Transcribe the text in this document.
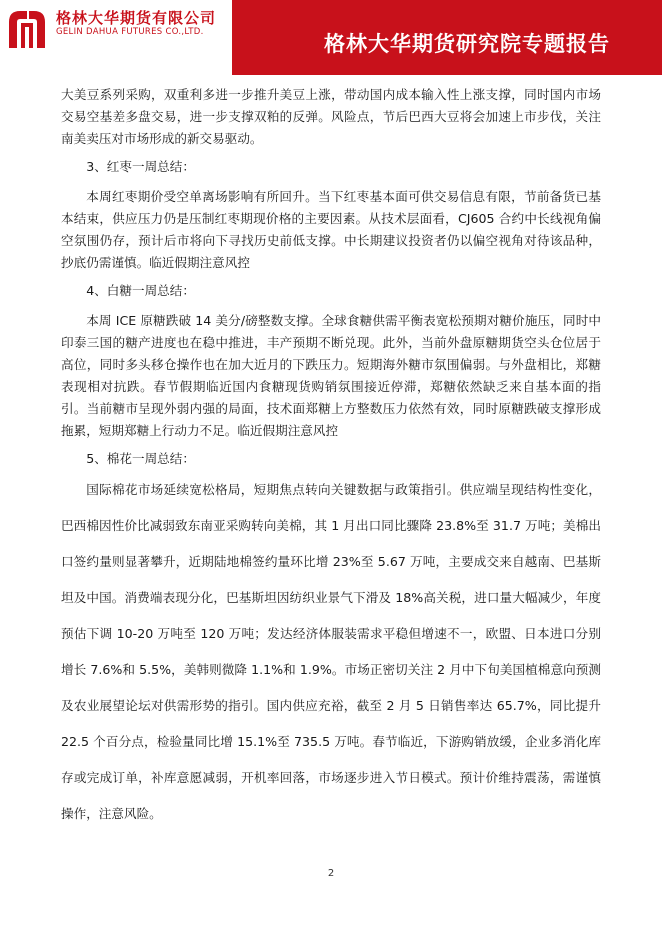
格林大华期货有限公司
GELIN DAHUA FUTURES CO.,LTD.
期货研究院
格林大华期货研究院专题报告

大美豆系列采购，双重利多进一步推升美豆上涨，带动国内成本输入性上涨支撑，同时国内市场交易空基差多盘交易，进一步支撑双粕的反弹。风险点，节后巴西大豆将会加速上市步伐，关注南美卖压对市场形成的新交易驱动。

3、红枣一周总结：

本周红枣期价受空单离场影响有所回升。当下红枣基本面可供交易信息有限，节前备货已基本结束，供应压力仍是压制红枣期现价格的主要因素。从技术层面看，CJ605 合约中长线视角偏空氛围仍存，预计后市将向下寻找历史前低支撑。中长期建议投资者仍以偏空视角对待该品种，抄底仍需谨慎。临近假期注意风控

4、白糖一周总结：

本周 ICE 原糖跌破 14 美分/磅整数支撑。全球食糖供需平衡表宽松预期对糖价施压，同时中印泰三国的糖产进度也在稳中推进，丰产预期不断兑现。此外，当前外盘原糖期货空头仓位居于高位，同时多头移仓操作也在加大近月的下跌压力。短期海外糖市氛围偏弱。与外盘相比，郑糖表现相对抗跌。春节假期临近国内食糖现货购销氛围接近停滞，郑糖依然缺乏来自基本面的指引。当前糖市呈现外弱内强的局面，技术面郑糖上方整数压力依然有效，同时原糖跌破支撑形成拖累，短期郑糖上行动力不足。临近假期注意风控

5、棉花一周总结：

国际棉花市场延续宽松格局，短期焦点转向关键数据与政策指引。供应端呈现结构性变化，巴西棉因性价比减弱致东南亚采购转向美棉，其 1 月出口同比骤降 23.8%至 31.7 万吨；美棉出口签约量则显著攀升，近期陆地棉签约量环比增 23%至 5.67 万吨，主要成交来自越南、巴基斯坦及中国。消费端表现分化，巴基斯坦因纺织业景气下滑及 18%高关税，进口量大幅减少，年度预估下调 10-20 万吨至 120 万吨；发达经济体服装需求平稳但增速不一，欧盟、日本进口分别增长 7.6%和 5.5%，美韩则微降 1.1%和 1.9%。市场正密切关注 2 月中下旬美国植棉意向预测及农业展望论坛对供需形势的指引。国内供应充裕，截至 2 月 5 日销售率达 65.7%，同比提升 22.5 个百分点，检验量同比增 15.1%至 735.5 万吨。春节临近，下游购销放缓，企业多消化库存或完成订单，补库意愿减弱，开机率回落，市场逐步进入节日模式。预计价维持震荡，需谨慎操作，注意风险。

2
